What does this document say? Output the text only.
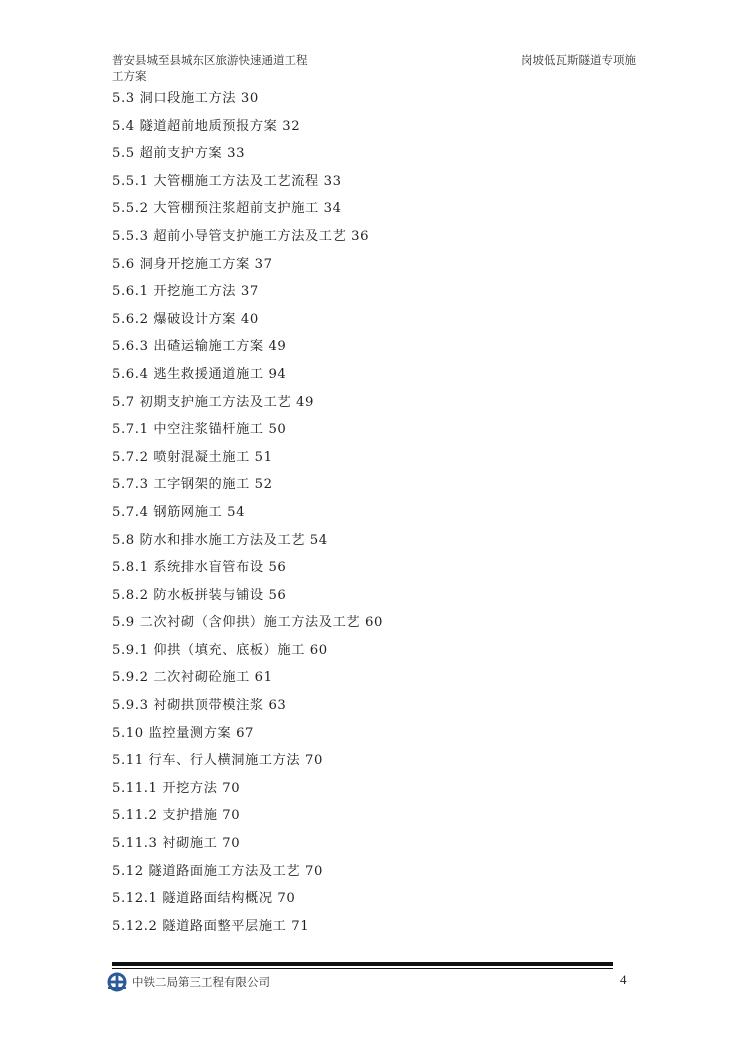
普安县城至县城东区旅游快速通道工程工方案
岗坡低瓦斯隧道专项施
5.3 洞口段施工方法 30
5.4 隧道超前地质预报方案 32
5.5 超前支护方案 33
5.5.1 大管棚施工方法及工艺流程 33
5.5.2 大管棚预注浆超前支护施工 34
5.5.3 超前小导管支护施工方法及工艺 36
5.6 洞身开挖施工方案 37
5.6.1 开挖施工方法 37
5.6.2 爆破设计方案 40
5.6.3 出碴运输施工方案 49
5.6.4 逃生救援通道施工 94
5.7 初期支护施工方法及工艺 49
5.7.1 中空注浆锚杆施工 50
5.7.2 喷射混凝土施工 51
5.7.3 工字钢架的施工 52
5.7.4 钢筋网施工 54
5.8 防水和排水施工方法及工艺 54
5.8.1 系统排水盲管布设 56
5.8.2 防水板拼装与铺设 56
5.9 二次衬砌（含仰拱）施工方法及工艺 60
5.9.1 仰拱（填充、底板）施工 60
5.9.2 二次衬砌砼施工 61
5.9.3 衬砌拱顶带模注浆 63
5.10 监控量测方案 67
5.11 行车、行人横洞施工方法 70
5.11.1 开挖方法 70
5.11.2 支护措施 70
5.11.3 衬砌施工 70
5.12 隧道路面施工方法及工艺 70
5.12.1 隧道路面结构概况 70
5.12.2 隧道路面整平层施工 71
中铁二局第三工程有限公司	4
